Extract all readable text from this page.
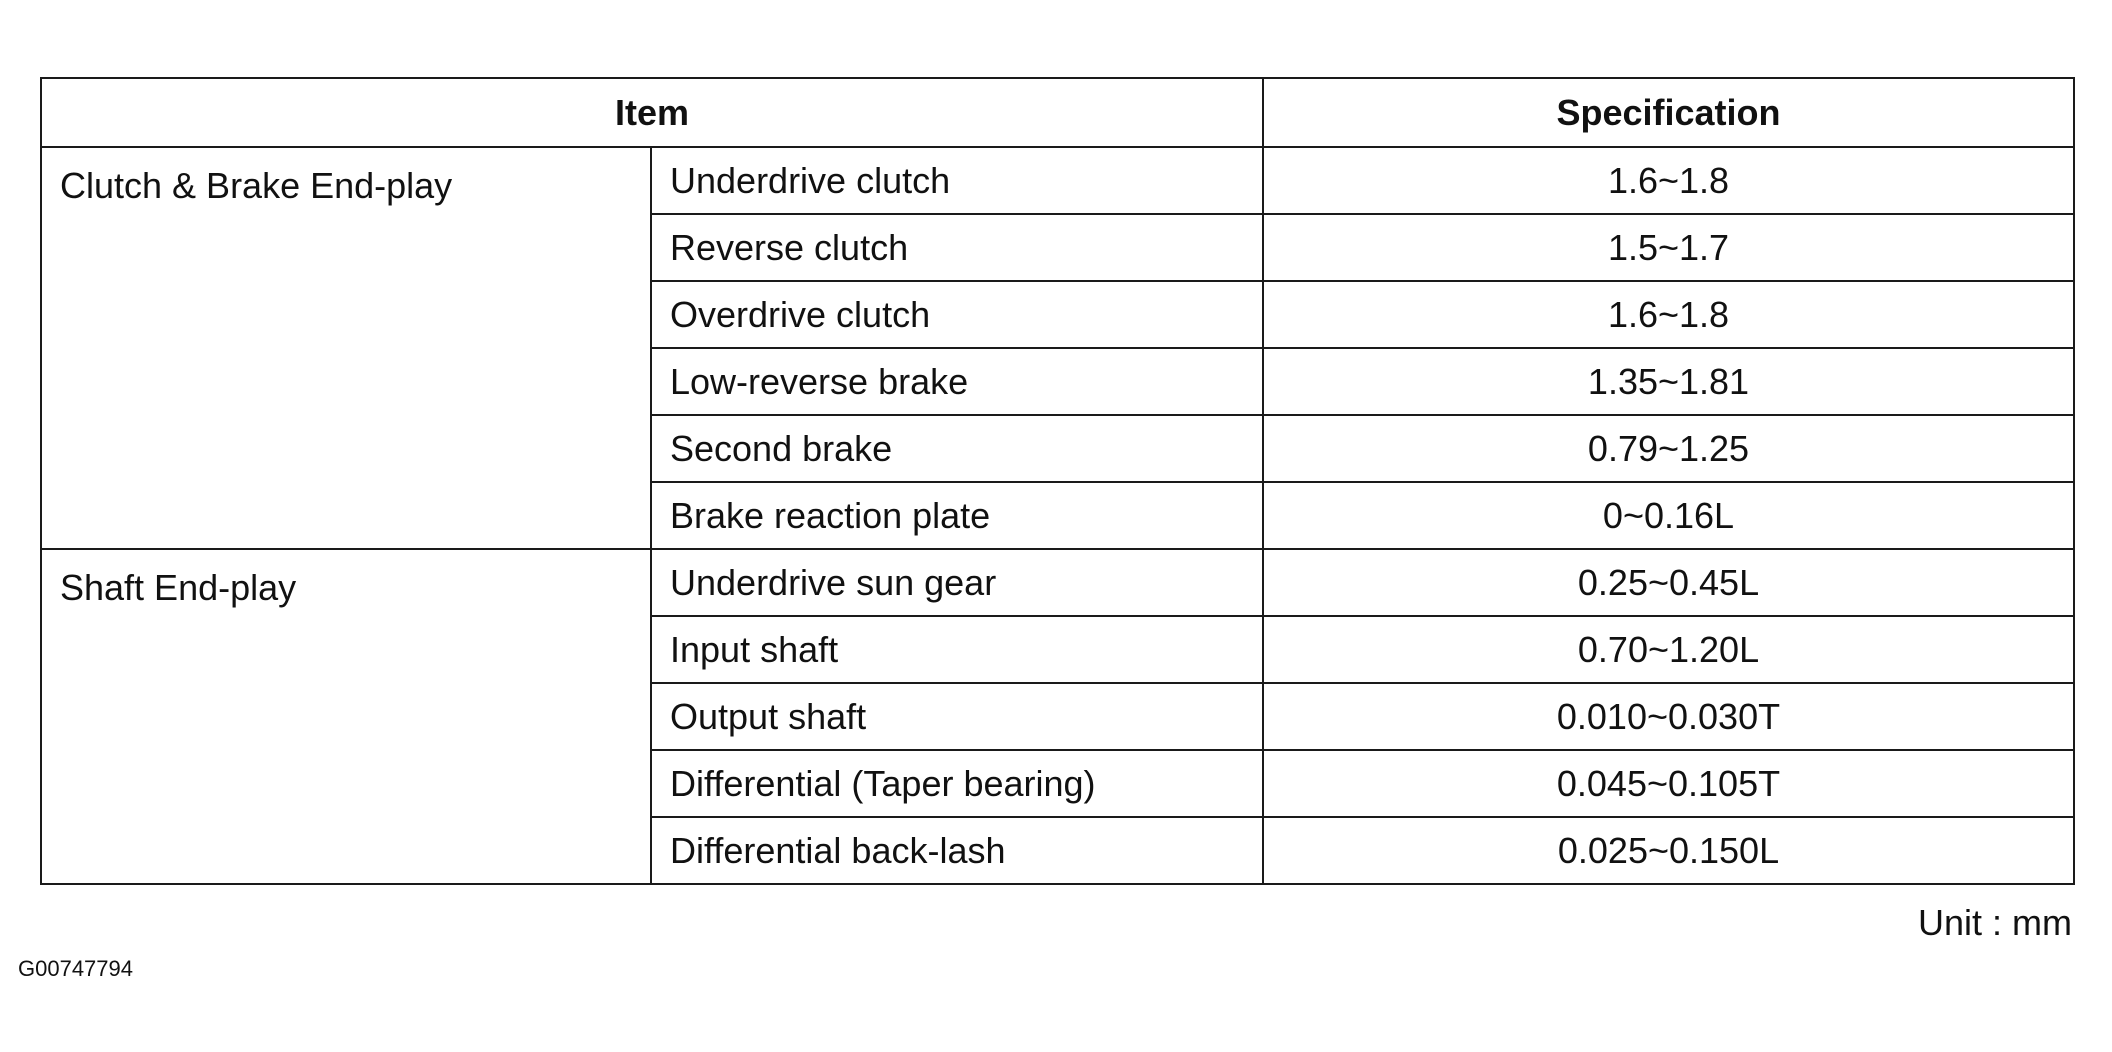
Item		Specification
Clutch & Brake End-play	Underdrive clutch	1.6~1.8
	Reverse clutch	1.5~1.7
	Overdrive clutch	1.6~1.8
	Low-reverse brake	1.35~1.81
	Second brake	0.79~1.25
	Brake reaction plate	0~0.16L
Shaft End-play	Underdrive sun gear	0.25~0.45L
	Input shaft	0.70~1.20L
	Output shaft	0.010~0.030T
	Differential (Taper bearing)	0.045~0.105T
	Differential back-lash	0.025~0.150L
Unit : mm
G00747794
